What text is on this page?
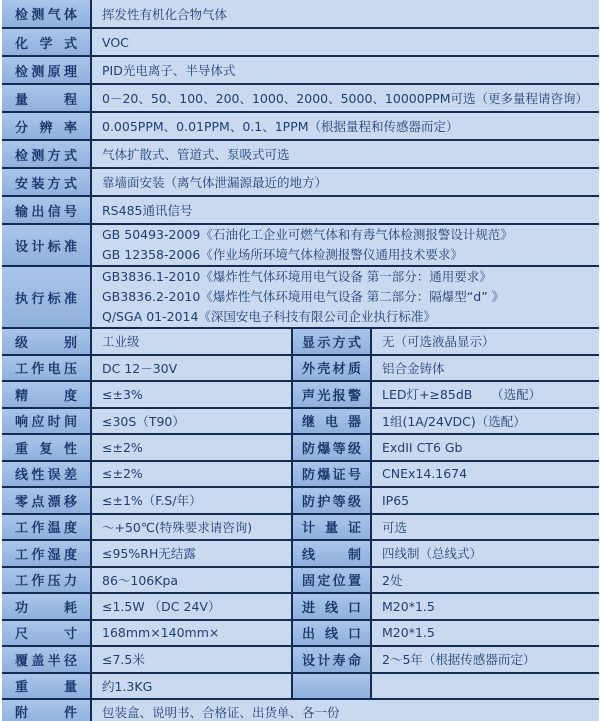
检测气体	挥发性有机化合物气体		
化学式	VOC		
检测原理	PID光电离子、半导体式		
量程	0－20、50、100、200、1000、2000、5000、10000PPM可选（更多量程请咨询）		
分辨率	0.005PPM、0.01PPM、0.1、1PPM（根据量程和传感器而定）		
检测方式	气体扩散式、管道式、泵吸式可选		
安装方式	靠墙面安装（离气体泄漏源最近的地方）		
输出信号	RS485通讯信号		
设计标准	GB 50493-2009《石油化工企业可燃气体和有毒气体检测报警设计规范》
GB 12358-2006《作业场所环境气体检测报警仪通用技术要求》		

执行标准	GB3836.1-2010《爆炸性气体环境用电气设备 第一部分：通用要求》
GB3836.2-2010《爆炸性气体环境用电气设备 第二部分：隔爆型“d” 》
Q/SGA 01-2014《深国安电子科技有限公司企业执行标准》		

级别	工业级	显示方式	无（可选液晶显示）
工作电压	DC 12－30V	外壳材质	铝合金铸体
精度	≤±3%	声光报警	LED灯+≥85dB　　（选配）
响应时间	≤30S（T90）	继电器	1组(1A/24VDC)（选配）
重复性	≤±2%	防爆等级	ExdII CT6 Gb
线性误差	≤±2%	防爆证号	CNEx14.1674
零点漂移	≤±1%（F.S/年）	防护等级	IP65
工作温度	～+50℃(特殊要求请咨询)	计量证	可选
工作湿度	≤95%RH无结露	线制	四线制（总线式）
工作压力	86～106Kpa	固定位置	2处
功耗	≤1.5W （DC 24V）	进线口	M20*1.5
尺寸	168mm×140mm×	出线口	M20*1.5
覆盖半径	≤7.5米	设计寿命	2～5年（根据传感器而定）
重量	约1.3KG		
附件	包装盒、说明书、合格证、出货单、各一份		
